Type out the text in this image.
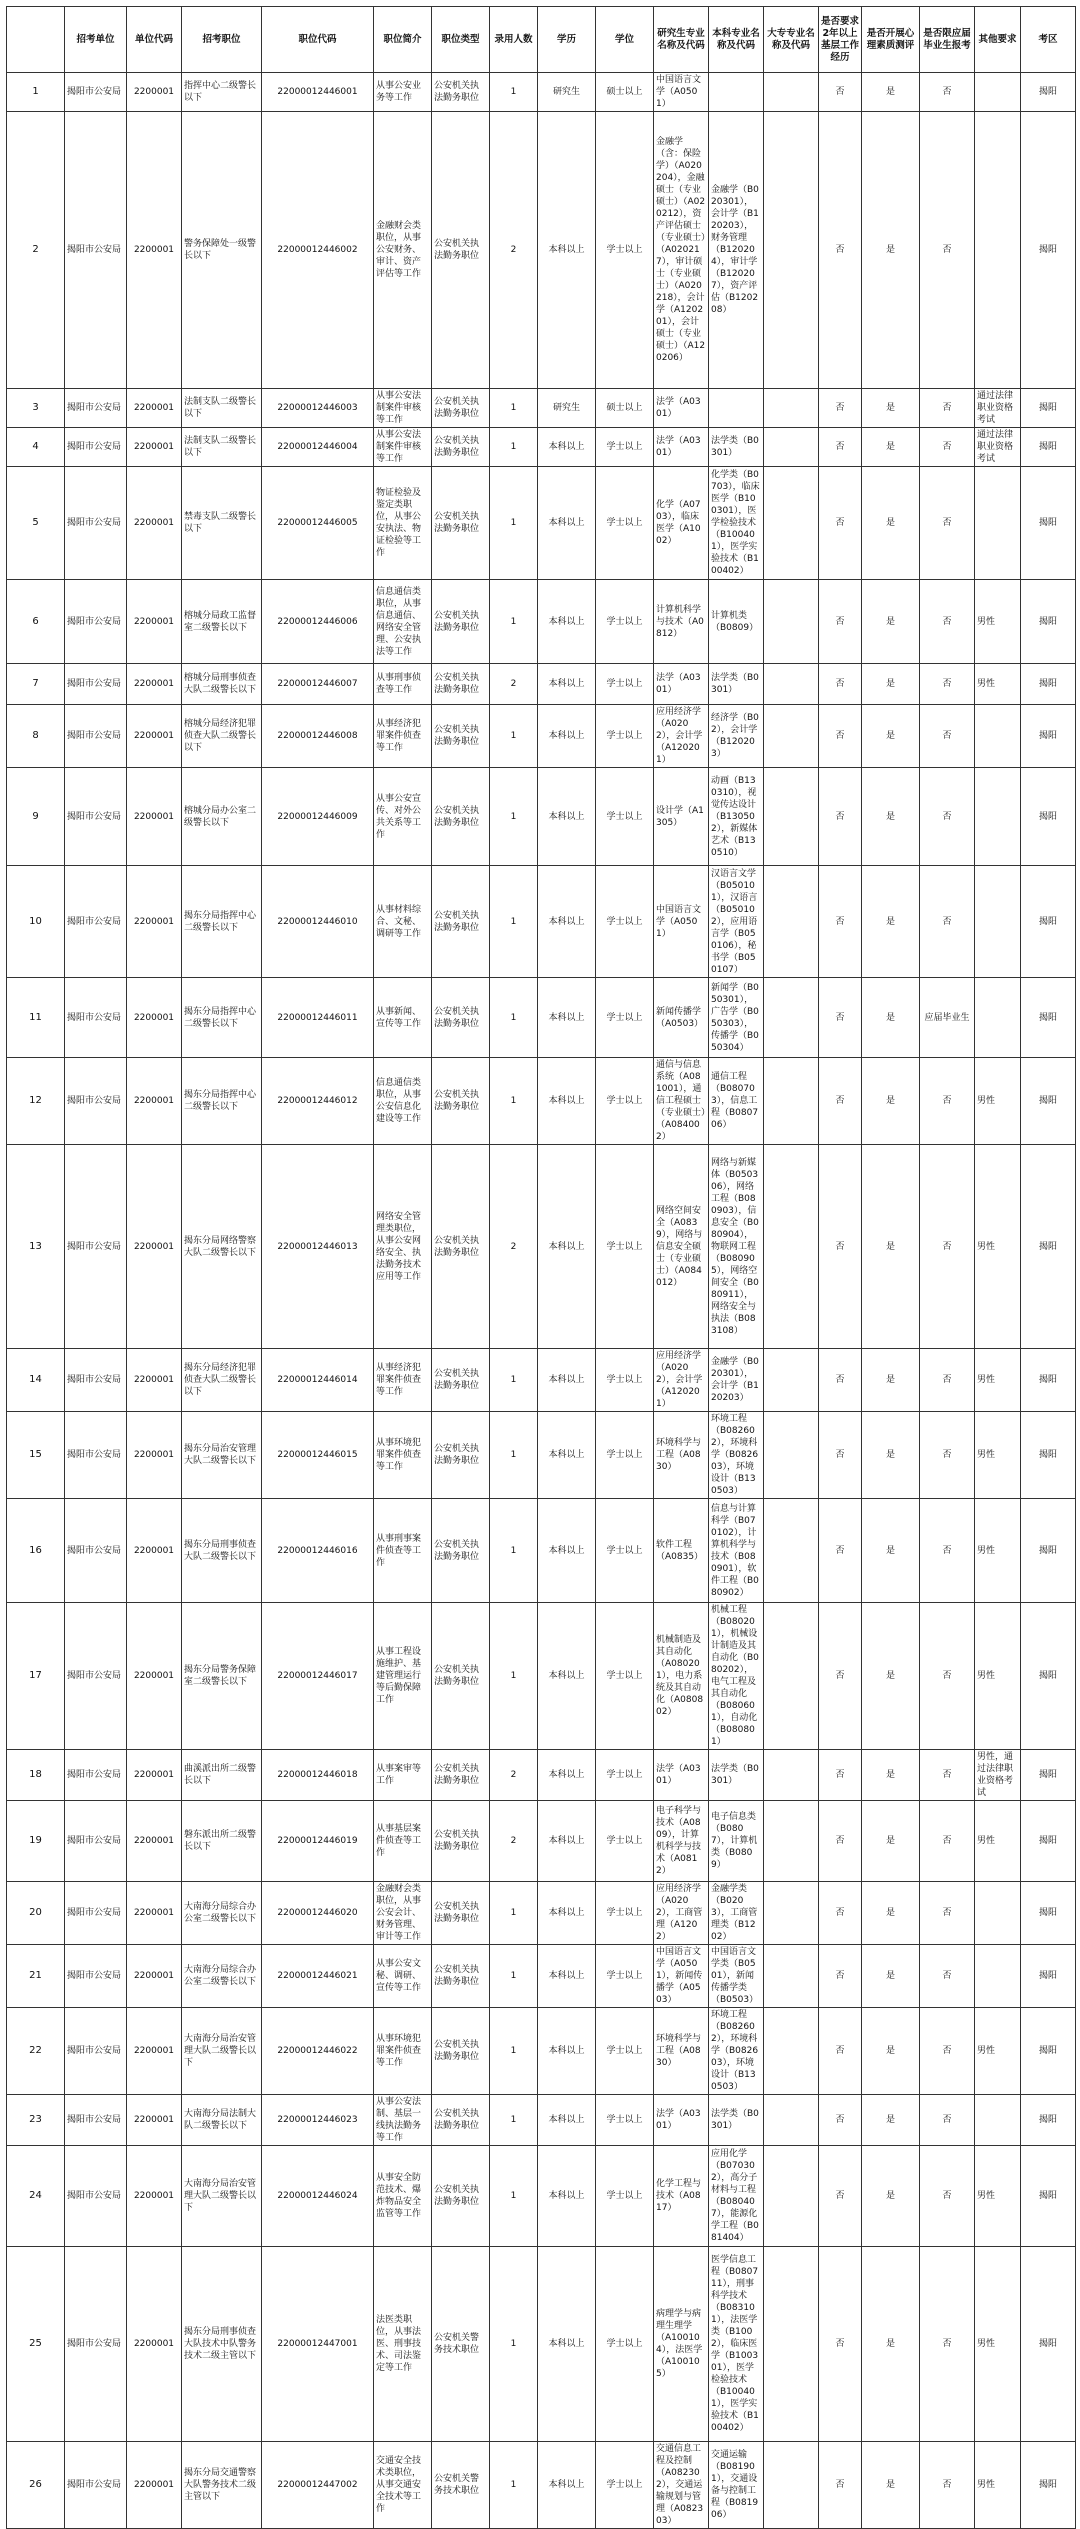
	招考单位	单位代码	招考职位	职位代码	职位简介	职位类型	录用人数	学历	学位	研究生专业名称及代码	本科专业名称及代码	大专专业名称及代码	是否要求2年以上基层工作经历	是否开展心理素质测评	是否限应届毕业生报考	其他要求	考区
1	揭阳市公安局	2200001	指挥中心二级警长以下	22000012446001	从事公安业务等工作	公安机关执法勤务职位	1	研究生	硕士以上	中国语言文学（A0501）			否	是	否		揭阳
2	揭阳市公安局	2200001	警务保障处一级警长以下	22000012446002	金融财会类职位，从事公安财务、审计、资产评估等工作	公安机关执法勤务职位	2	本科以上	学士以上	金融学（含：保险学）（A020204），金融硕士（专业硕士）（A020212），资产评估硕士（专业硕士）（A020217），审计硕士（专业硕士）（A020218），会计学（A120201），会计硕士（专业硕士）（A120206）	金融学（B020301），会计学（B120203），财务管理（B120204），审计学（B120207），资产评估（B120208）		否	是	否		揭阳
3	揭阳市公安局	2200001	法制支队二级警长以下	22000012446003	从事公安法制案件审核等工作	公安机关执法勤务职位	1	研究生	硕士以上	法学（A0301）			否	是	否	通过法律职业资格考试	揭阳
4	揭阳市公安局	2200001	法制支队二级警长以下	22000012446004	从事公安法制案件审核等工作	公安机关执法勤务职位	1	本科以上	学士以上	法学（A0301）	法学类（B0301）		否	是	否	通过法律职业资格考试	揭阳
5	揭阳市公安局	2200001	禁毒支队二级警长以下	22000012446005	物证检验及鉴定类职位，从事公安执法、物证检验等工作	公安机关执法勤务职位	1	本科以上	学士以上	化学（A0703），临床医学（A1002）	化学类（B0703），临床医学（B100301），医学检验技术（B100401），医学实验技术（B100402）		否	是	否		揭阳
6	揭阳市公安局	2200001	榕城分局政工监督室二级警长以下	22000012446006	信息通信类职位，从事信息通信、网络安全管理、公安执法等工作	公安机关执法勤务职位	1	本科以上	学士以上	计算机科学与技术（A0812）	计算机类（B0809）		否	是	否	男性	揭阳
7	揭阳市公安局	2200001	榕城分局刑事侦查大队二级警长以下	22000012446007	从事刑事侦查等工作	公安机关执法勤务职位	2	本科以上	学士以上	法学（A0301）	法学类（B0301）		否	是	否	男性	揭阳
8	揭阳市公安局	2200001	榕城分局经济犯罪侦查大队二级警长以下	22000012446008	从事经济犯罪案件侦查等工作	公安机关执法勤务职位	1	本科以上	学士以上	应用经济学（A0202），会计学（A120201）	经济学（B02），会计学（B120203）		否	是	否		揭阳
9	揭阳市公安局	2200001	榕城分局办公室二级警长以下	22000012446009	从事公安宣传、对外公共关系等工作	公安机关执法勤务职位	1	本科以上	学士以上	设计学（A1305）	动画（B130310），视觉传达设计（B130502），新媒体艺术（B130510）		否	是	否		揭阳
10	揭阳市公安局	2200001	揭东分局指挥中心二级警长以下	22000012446010	从事材料综合、文秘、调研等工作	公安机关执法勤务职位	1	本科以上	学士以上	中国语言文学（A0501）	汉语言文学（B050101），汉语言（B050102），应用语言学（B050106），秘书学（B050107）		否	是	否		揭阳
11	揭阳市公安局	2200001	揭东分局指挥中心二级警长以下	22000012446011	从事新闻、宣传等工作	公安机关执法勤务职位	1	本科以上	学士以上	新闻传播学（A0503）	新闻学（B050301），广告学（B050303），传播学（B050304）		否	是	应届毕业生		揭阳
12	揭阳市公安局	2200001	揭东分局指挥中心二级警长以下	22000012446012	信息通信类职位，从事公安信息化建设等工作	公安机关执法勤务职位	1	本科以上	学士以上	通信与信息系统（A081001），通信工程硕士（专业硕士）（A084002）	通信工程（B080703），信息工程（B080706）		否	是	否	男性	揭阳
13	揭阳市公安局	2200001	揭东分局网络警察大队二级警长以下	22000012446013	网络安全管理类职位，从事公安网络安全、执法勤务技术应用等工作	公安机关执法勤务职位	2	本科以上	学士以上	网络空间安全（A0839），网络与信息安全硕士（专业硕士）（A084012）	网络与新媒体（B050306），网络工程（B080903），信息安全（B080904），物联网工程（B080905），网络空间安全（B080911），网络安全与执法（B083108）		否	是	否	男性	揭阳
14	揭阳市公安局	2200001	揭东分局经济犯罪侦查大队二级警长以下	22000012446014	从事经济犯罪案件侦查等工作	公安机关执法勤务职位	1	本科以上	学士以上	应用经济学（A0202），会计学（A120201）	金融学（B020301），会计学（B120203）		否	是	否	男性	揭阳
15	揭阳市公安局	2200001	揭东分局治安管理大队二级警长以下	22000012446015	从事环境犯罪案件侦查等工作	公安机关执法勤务职位	1	本科以上	学士以上	环境科学与工程（A0830）	环境工程（B082602），环境科学（B082603），环境设计（B130503）		否	是	否	男性	揭阳
16	揭阳市公安局	2200001	揭东分局刑事侦查大队二级警长以下	22000012446016	从事刑事案件侦查等工作	公安机关执法勤务职位	1	本科以上	学士以上	软件工程（A0835）	信息与计算科学（B070102），计算机科学与技术（B080901），软件工程（B080902）		否	是	否	男性	揭阳
17	揭阳市公安局	2200001	揭东分局警务保障室二级警长以下	22000012446017	从事工程设施维护、基建管理运行等后勤保障工作	公安机关执法勤务职位	1	本科以上	学士以上	机械制造及其自动化（A080201），电力系统及其自动化（A080802）	机械工程（B080201），机械设计制造及其自动化（B080202），电气工程及其自动化（B080601），自动化（B080801）		否	是	否	男性	揭阳
18	揭阳市公安局	2200001	曲溪派出所二级警长以下	22000012446018	从事案审等工作	公安机关执法勤务职位	2	本科以上	学士以上	法学（A0301）	法学类（B0301）		否	是	否	男性，通过法律职业资格考试	揭阳
19	揭阳市公安局	2200001	磐东派出所二级警长以下	22000012446019	从事基层案件侦查等工作	公安机关执法勤务职位	2	本科以上	学士以上	电子科学与技术（A0809），计算机科学与技术（A0812）	电子信息类（B0807），计算机类（B0809）		否	是	否	男性	揭阳
20	揭阳市公安局	2200001	大南海分局综合办公室二级警长以下	22000012446020	金融财会类职位，从事公安会计、财务管理、审计等工作	公安机关执法勤务职位	1	本科以上	学士以上	应用经济学（A0202），工商管理（A1202）	金融学类（B0203），工商管理类（B1202）		否	是	否		揭阳
21	揭阳市公安局	2200001	大南海分局综合办公室二级警长以下	22000012446021	从事公安文秘、调研、宣传等工作	公安机关执法勤务职位	1	本科以上	学士以上	中国语言文学（A0501），新闻传播学（A0503）	中国语言文学类（B0501），新闻传播学类（B0503）		否	是	否		揭阳
22	揭阳市公安局	2200001	大南海分局治安管理大队二级警长以下	22000012446022	从事环境犯罪案件侦查等工作	公安机关执法勤务职位	1	本科以上	学士以上	环境科学与工程（A0830）	环境工程（B082602），环境科学（B082603），环境设计（B130503）		否	是	否	男性	揭阳
23	揭阳市公安局	2200001	大南海分局法制大队二级警长以下	22000012446023	从事公安法制、基层一线执法勤务等工作	公安机关执法勤务职位	1	本科以上	学士以上	法学（A0301）	法学类（B0301）		否	是	否		揭阳
24	揭阳市公安局	2200001	大南海分局治安管理大队二级警长以下	22000012446024	从事安全防范技术、爆炸物品安全监管等工作	公安机关执法勤务职位	1	本科以上	学士以上	化学工程与技术（A0817）	应用化学（B070302），高分子材料与工程（B080407），能源化学工程（B081404）		否	是	否	男性	揭阳
25	揭阳市公安局	2200001	揭东分局刑事侦查大队技术中队警务技术二级主管以下	22000012447001	法医类职位，从事法医、刑事技术、司法鉴定等工作	公安机关警务技术职位	1	本科以上	学士以上	病理学与病理生理学（A100104），法医学（A100105）	医学信息工程（B080711），刑事科学技术（B083101），法医学类（B1002），临床医学（B100301），医学检验技术（B100401），医学实验技术（B100402）		否	是	否	男性	揭阳
26	揭阳市公安局	2200001	揭东分局交通警察大队警务技术二级主管以下	22000012447002	交通安全技术类职位，从事交通安全技术等工作	公安机关警务技术职位	1	本科以上	学士以上	交通信息工程及控制（A082302），交通运输规划与管理（A082303）	交通运输（B081901），交通设备与控制工程（B081906）		否	是	否	男性	揭阳
